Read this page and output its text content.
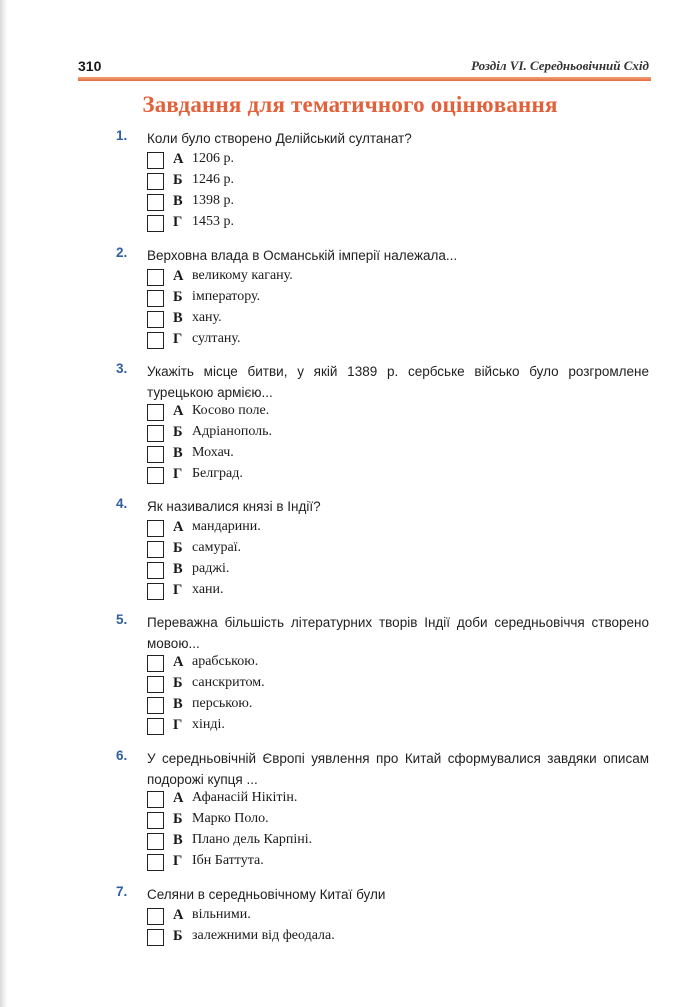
310	Розділ VI. Середньовічний Схід
Завдання для тематичного оцінювання
1. Коли було створено Делійський султанат?
А 1206 р.
Б 1246 р.
В 1398 р.
Г 1453 р.
2. Верховна влада в Османській імперії належала...
А великому кагану.
Б імператору.
В хану.
Г султану.
3. Укажіть місце битви, у якій 1389 р. сербське військо було розгромлене турецькою армією...
А Косово поле.
Б Адріанополь.
В Мохач.
Г Белград.
4. Як називалися князі в Індії?
А мандарини.
Б самураї.
В раджі.
Г хани.
5. Переважна більшість літературних творів Індії доби середньовіччя створено мовою...
А арабською.
Б санскритом.
В перською.
Г хінді.
6. У середньовічній Європі уявлення про Китай сформувалися завдяки описам подорожі купця ...
А Афанасій Нікітін.
Б Марко Поло.
В Плано дель Карпіні.
Г Ібн Баттута.
7. Селяни в середньовічному Китаї були
А вільними.
Б залежними від феодала.
